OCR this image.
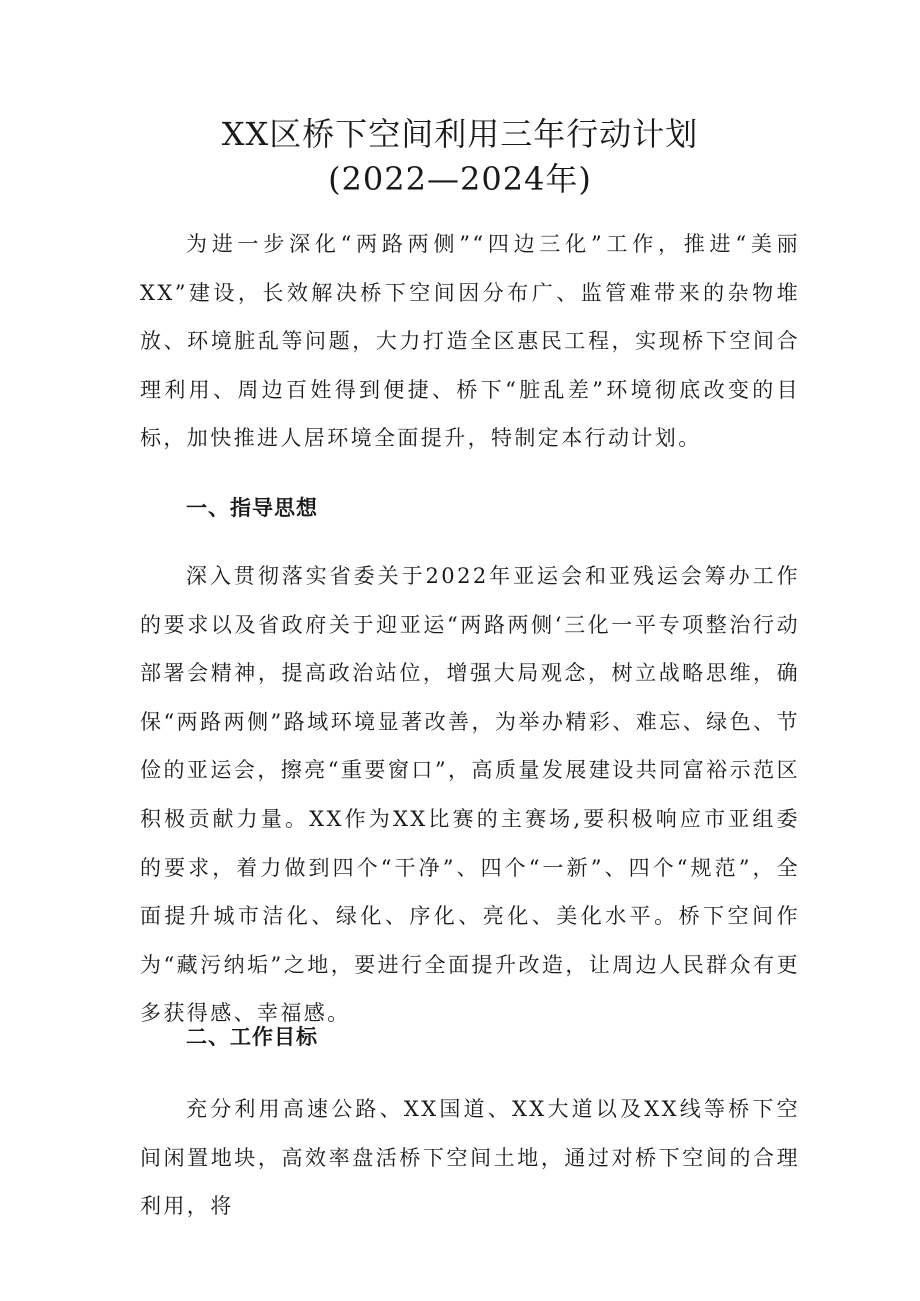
XX区桥下空间利用三年行动计划
(2022—2024年)

为进一步深化“两路两侧”“四边三化”工作，推进“美丽XX”建设，长效解决桥下空间因分布广、监管难带来的杂物堆放、环境脏乱等问题，大力打造全区惠民工程，实现桥下空间合理利用、周边百姓得到便捷、桥下“脏乱差”环境彻底改变的目标，加快推进人居环境全面提升，特制定本行动计划。

一、指导思想

深入贯彻落实省委关于2022年亚运会和亚残运会筹办工作的要求以及省政府关于迎亚运“两路两侧‘三化一平专项整治行动部署会精神，提高政治站位，增强大局观念，树立战略思维，确保“两路两侧”路域环境显著改善，为举办精彩、难忘、绿色、节俭的亚运会，擦亮“重要窗口”，高质量发展建设共同富裕示范区积极贡献力量。XX作为XX比赛的主赛场,要积极响应市亚组委的要求，着力做到四个“干净”、四个“一新”、四个“规范”，全面提升城市洁化、绿化、序化、亮化、美化水平。桥下空间作为“藏污纳垢”之地，要进行全面提升改造，让周边人民群众有更多获得感、幸福感。

二、工作目标

充分利用高速公路、XX国道、XX大道以及XX线等桥下空间闲置地块，高效率盘活桥下空间土地，通过对桥下空间的合理利用，将
